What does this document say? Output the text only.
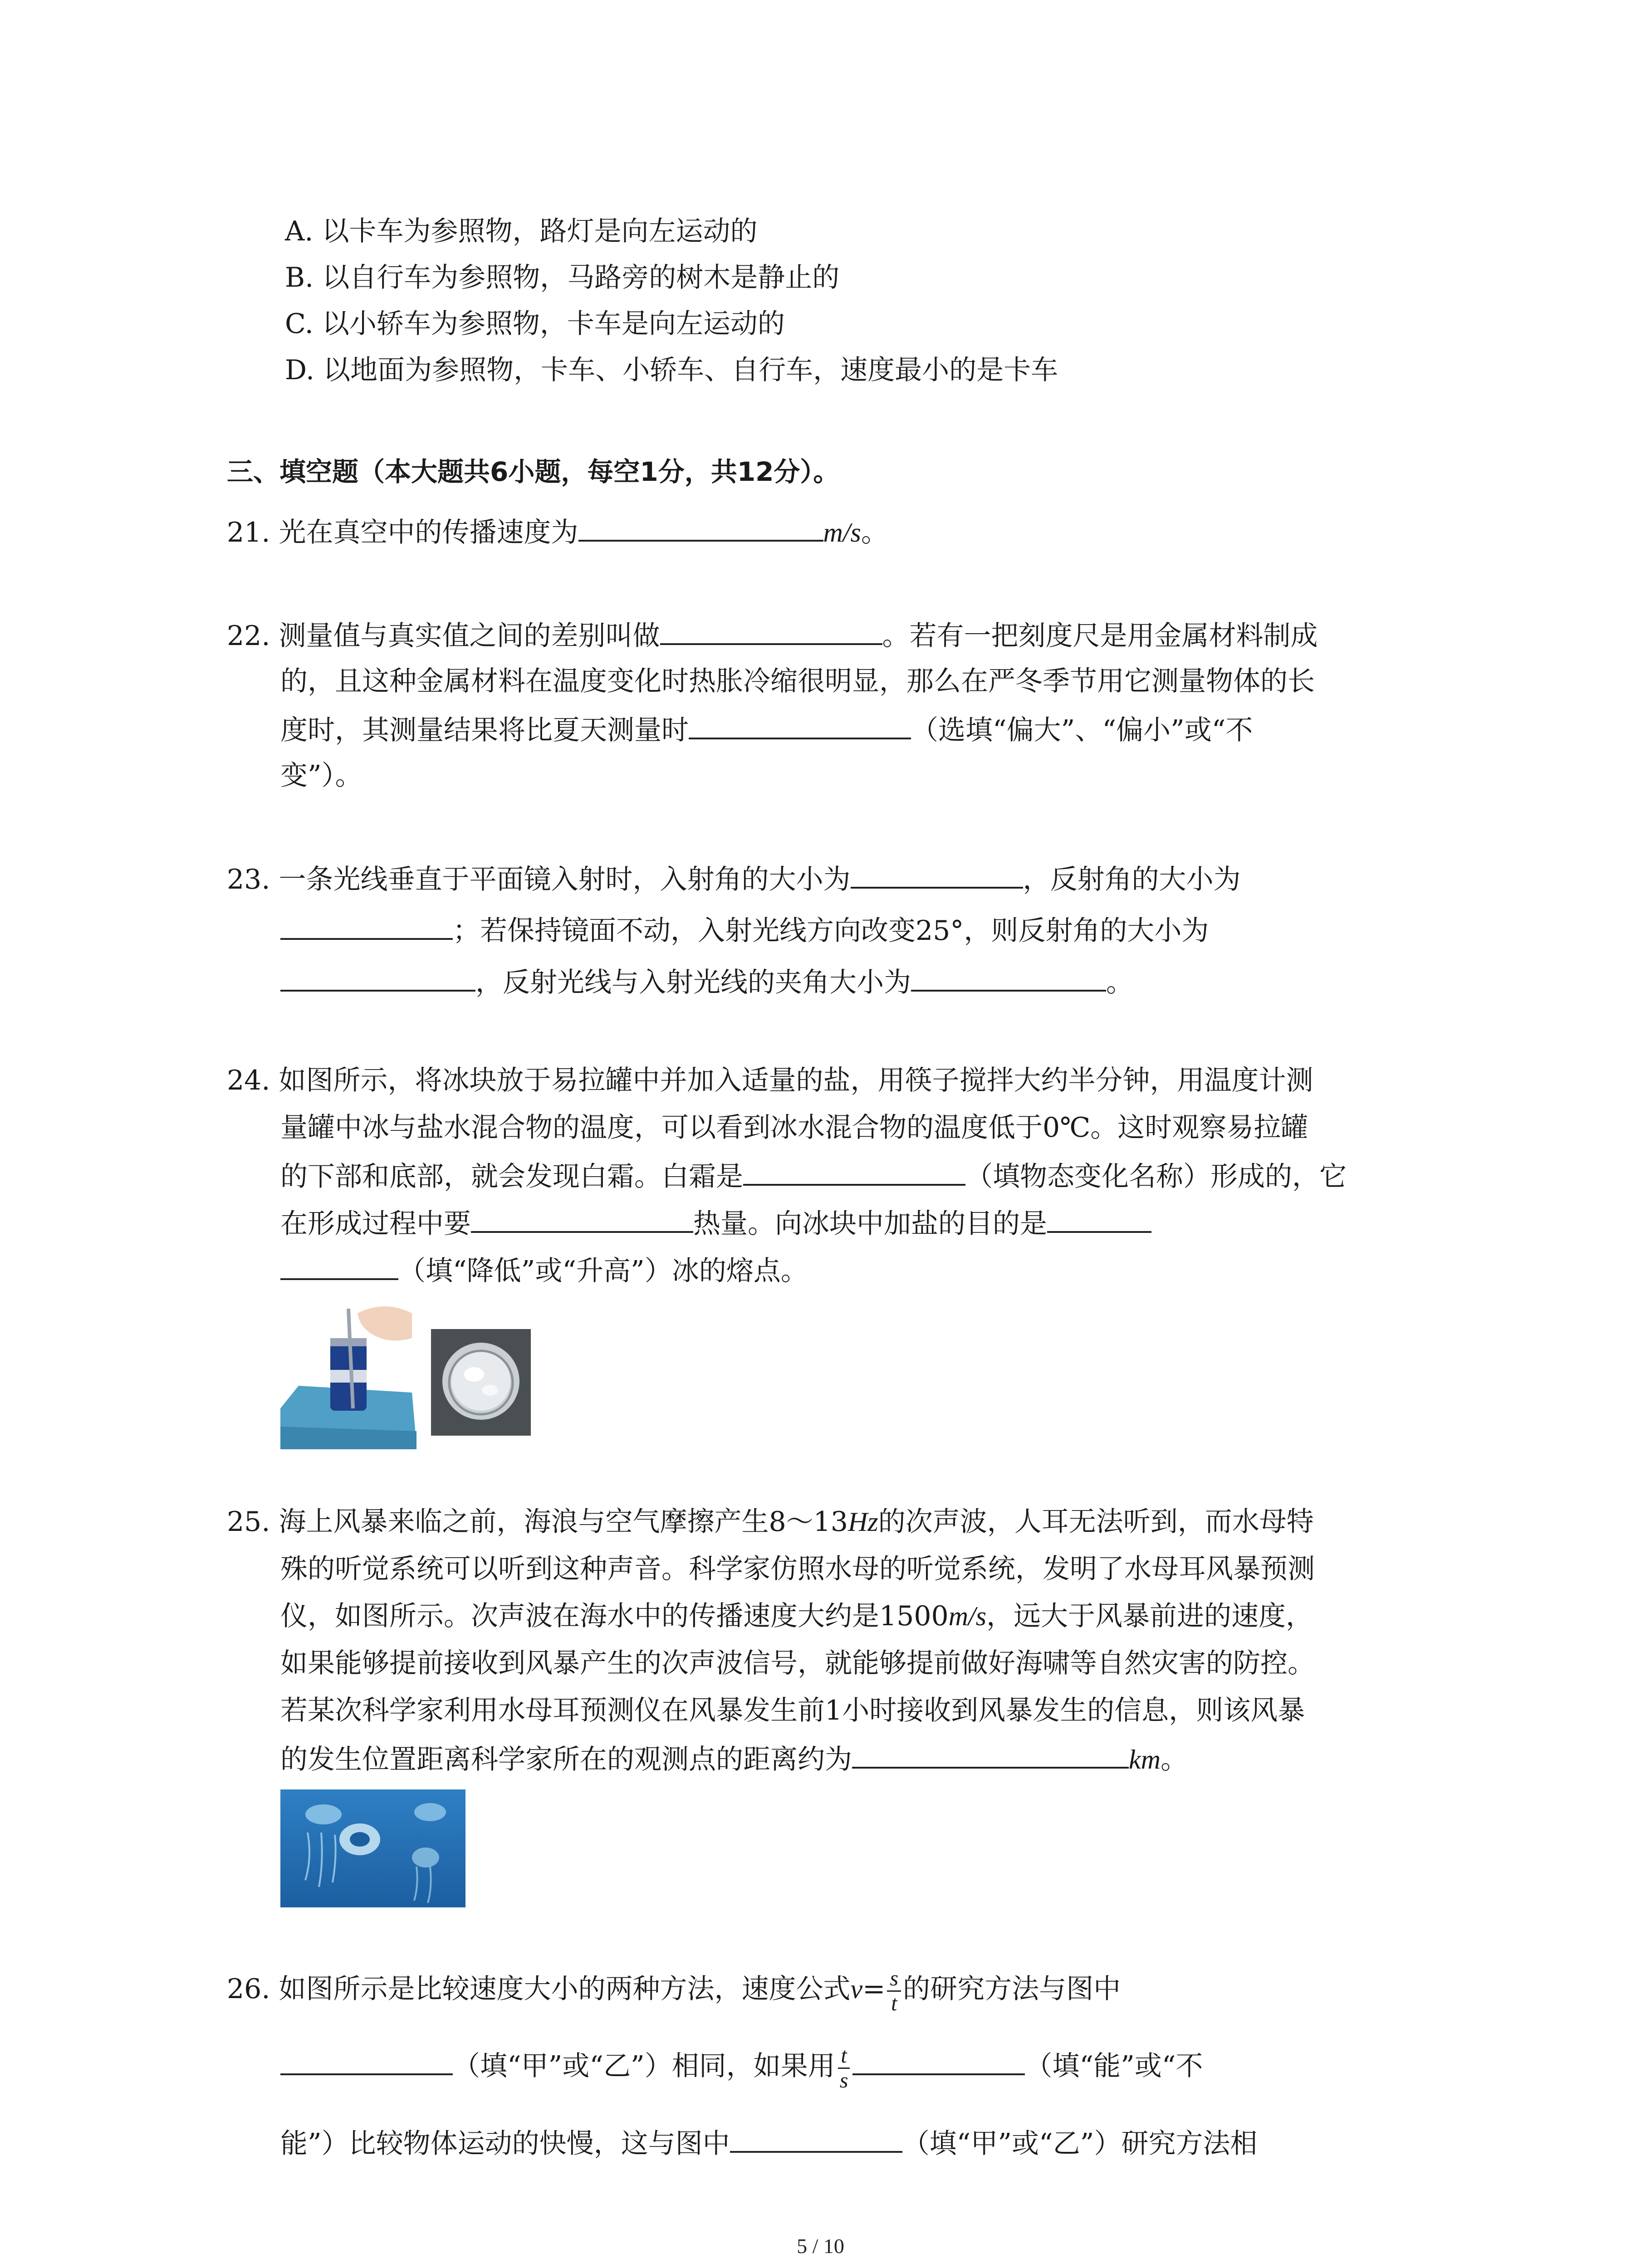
A. 以卡车为参照物，路灯是向左运动的
B. 以自行车为参照物，马路旁的树木是静止的
C. 以小轿车为参照物，卡车是向左运动的
D. 以地面为参照物，卡车、小轿车、自行车，速度最小的是卡车
三、填空题（本大题共6小题，每空1分，共12分）。
21. 光在真空中的传播速度为	m/s。
22. 测量值与真实值之间的差别叫做	。若有一把刻度尺是用金属材料制成
的，且这种金属材料在温度变化时热胀冷缩很明显，那么在严冬季节用它测量物体的长
度时，其测量结果将比夏天测量时	（选填“偏大”、“偏小”或“不
变”）。
23. 一条光线垂直于平面镜入射时，入射角的大小为	，反射角的大小为
；若保持镜面不动，入射光线方向改变25°，则反射角的大小为
，反射光线与入射光线的夹角大小为	。
24. 如图所示，将冰块放于易拉罐中并加入适量的盐，用筷子搅拌大约半分钟，用温度计测
量罐中冰与盐水混合物的温度，可以看到冰水混合物的温度低于0℃。这时观察易拉罐
的下部和底部，就会发现白霜。白霜是	（填物态变化名称）形成的，它
在形成过程中要	热量。向冰块中加盐的目的是
（填“降低”或“升高”）冰的熔点。
25. 海上风暴来临之前，海浪与空气摩擦产生8～13Hz的次声波，人耳无法听到，而水母特
殊的听觉系统可以听到这种声音。科学家仿照水母的听觉系统，发明了水母耳风暴预测
仪，如图所示。次声波在海水中的传播速度大约是1500m/s，远大于风暴前进的速度，
如果能够提前接收到风暴产生的次声波信号，就能够提前做好海啸等自然灾害的防控。
若某次科学家利用水母耳预测仪在风暴发生前1小时接收到风暴发生的信息，则该风暴
的发生位置距离科学家所在的观测点的距离约为	km。
26. 如图所示是比较速度大小的两种方法，速度公式$v= \frac{s}{t}$ 的研究方法与图中
（填“甲”或“乙”）相同，如果用 $\frac{t}{s}$	（填“能”或“不
能”）比较物体运动的快慢，这与图中	（填“甲”或“乙”）研究方法相
5 / 10
